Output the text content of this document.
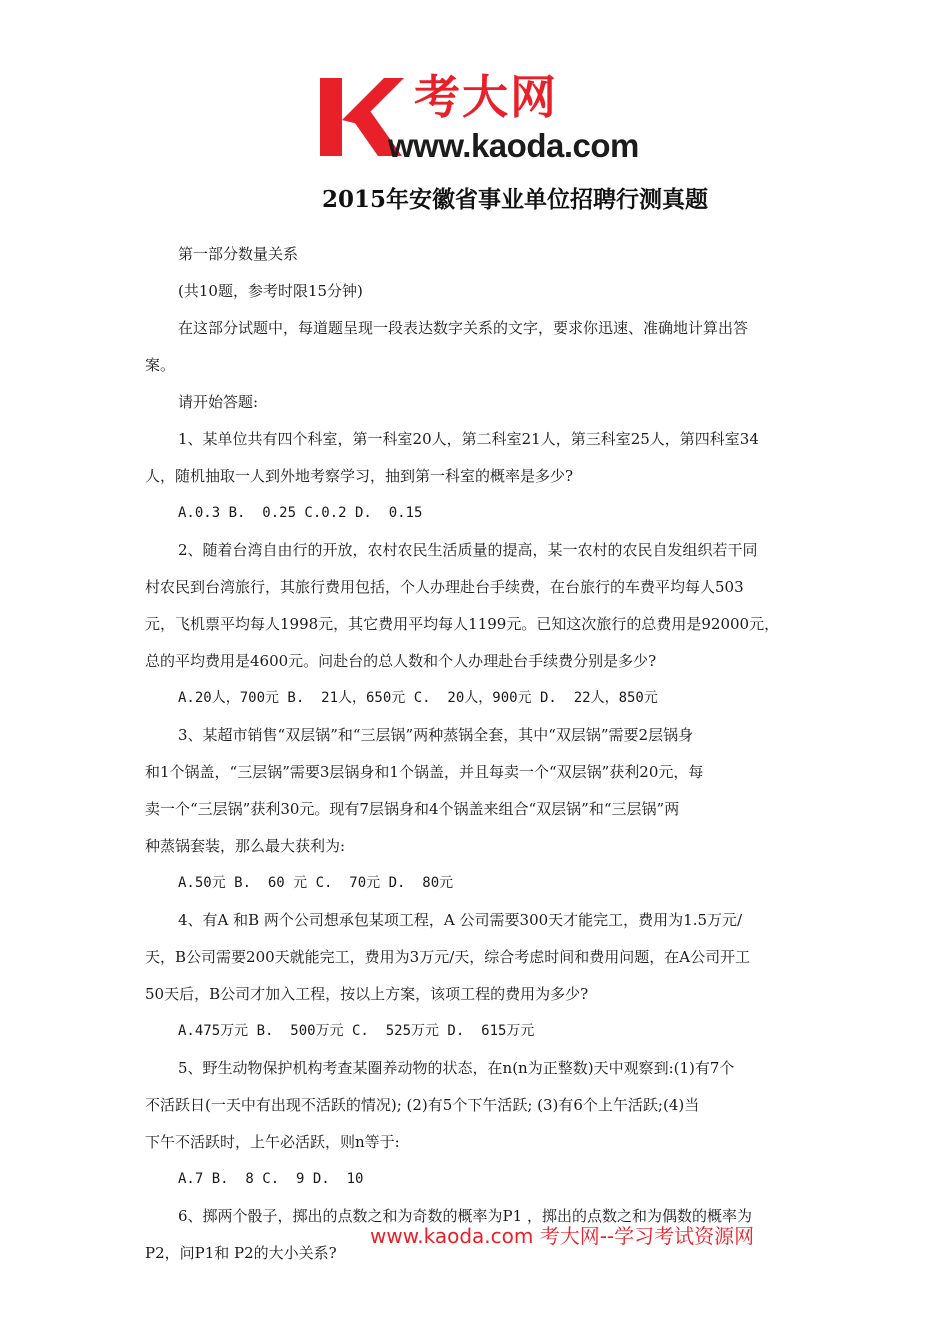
考大网
www.kaoda.com
2015年安徽省事业单位招聘行测真题

第一部分数量关系

(共10题，参考时限15分钟)

在这部分试题中，每道题呈现一段表达数字关系的文字，要求你迅速、准确地计算出答

案。

请开始答题:

1、某单位共有四个科室，第一科室20人，第二科室21人，第三科室25人，第四科室34

人，随机抽取一人到外地考察学习，抽到第一科室的概率是多少?

A.0.3 B.  0.25 C.0.2 D.  0.15

2、随着台湾自由行的开放，农村农民生活质量的提高，某一农村的农民自发组织若干同

村农民到台湾旅行，其旅行费用包括，个人办理赴台手续费，在台旅行的车费平均每人503

元，飞机票平均每人1998元，其它费用平均每人1199元。已知这次旅行的总费用是92000元，

总的平均费用是4600元。问赴台的总人数和个人办理赴台手续费分别是多少?

A.20人，700元 B.  21人，650元 C.  20人，900元 D.  22人，850元

3、某超市销售“双层锅”和“三层锅”两种蒸锅全套，其中“双层锅”需要2层锅身

和1个锅盖，“三层锅”需要3层锅身和1个锅盖，并且每卖一个“双层锅”获利20元，每

卖一个“三层锅”获利30元。现有7层锅身和4个锅盖来组合“双层锅”和“三层锅”两

种蒸锅套装，那么最大获利为:

A.50元 B.  60 元 C.  70元 D.  80元

4、有A 和B 两个公司想承包某项工程，A 公司需要300天才能完工，费用为1.5万元/

天，B公司需要200天就能完工，费用为3万元/天，综合考虑时间和费用问题，在A公司开工

50天后，B公司才加入工程，按以上方案，该项工程的费用为多少?

A.475万元 B.  500万元 C.  525万元 D.  615万元

5、野生动物保护机构考查某圈养动物的状态，在n(n为正整数)天中观察到:(1)有7个

不活跃日(一天中有出现不活跃的情况); (2)有5个下午活跃; (3)有6个上午活跃;(4)当

下午不活跃时，上午必活跃，则n等于:

A.7 B.  8 C.  9 D.  10

6、掷两个骰子，掷出的点数之和为奇数的概率为P1 ，掷出的点数之和为偶数的概率为

P2，问P1和 P2的大小关系?

www.kaoda.com 考大网--学习考试资源网
